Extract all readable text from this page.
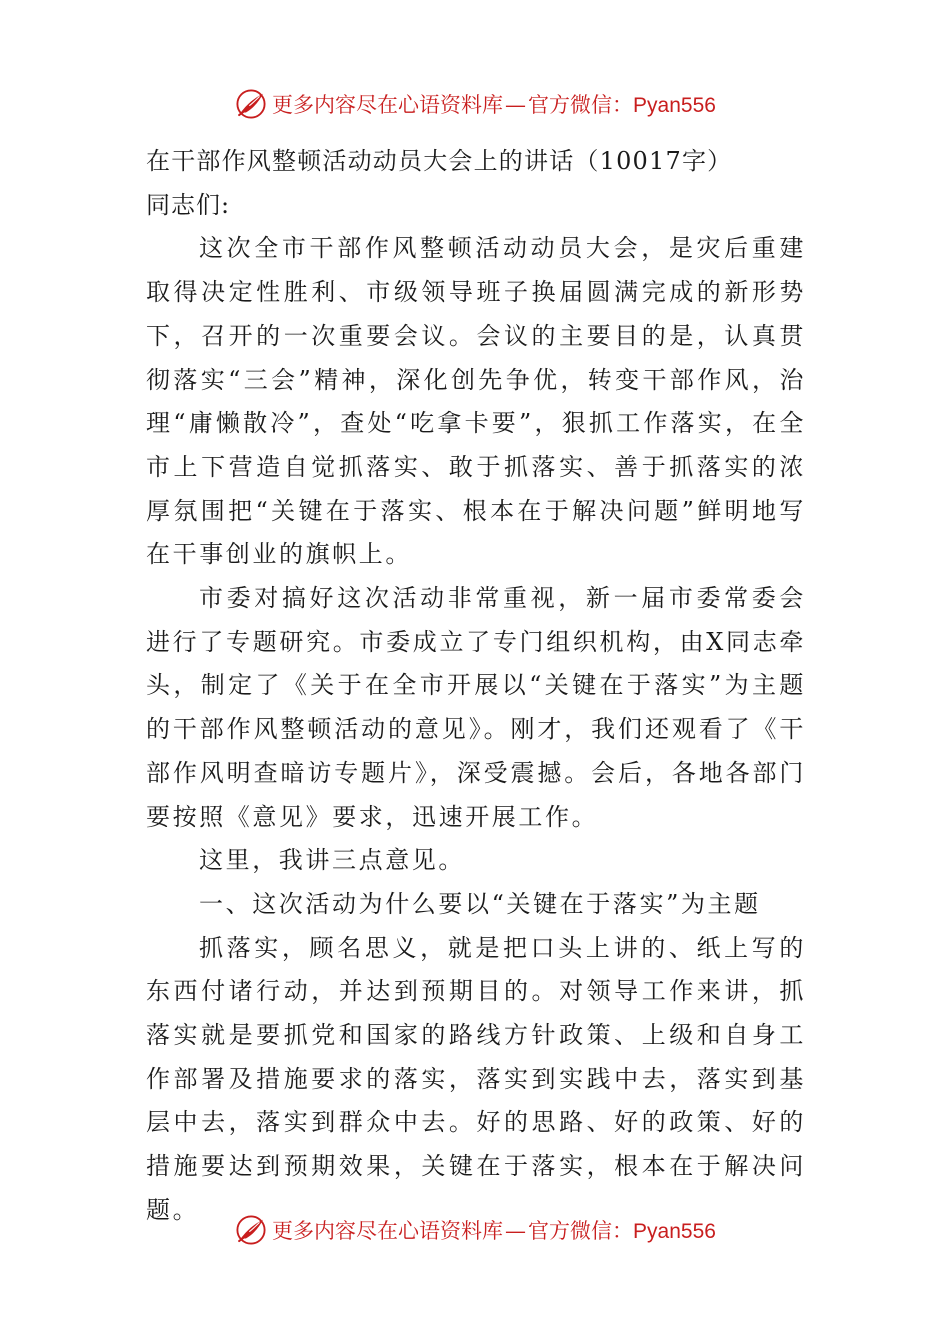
更多内容尽在心语资料库—官方微信：Pyan556

在干部作风整顿活动动员大会上的讲话（10017字）

同志们:

这次全市干部作风整顿活动动员大会，是灾后重建取得决定性胜利、市级领导班子换届圆满完成的新形势下，召开的一次重要会议。会议的主要目的是，认真贯彻落实“三会”精神，深化创先争优，转变干部作风，治理“庸懒散冷”，查处“吃拿卡要”，狠抓工作落实，在全市上下营造自觉抓落实、敢于抓落实、善于抓落实的浓厚氛围把“关键在于落实、根本在于解决问题”鲜明地写在干事创业的旗帜上。

市委对搞好这次活动非常重视，新一届市委常委会进行了专题研究。市委成立了专门组织机构，由X同志牵头，制定了《关于在全市开展以“关键在于落实”为主题的干部作风整顿活动的意见》。刚才，我们还观看了《干部作风明查暗访专题片》，深受震撼。会后，各地各部门要按照《意见》要求，迅速开展工作。

这里，我讲三点意见。

一、这次活动为什么要以“关键在于落实”为主题

抓落实，顾名思义，就是把口头上讲的、纸上写的东西付诸行动，并达到预期目的。对领导工作来讲，抓落实就是要抓党和国家的路线方针政策、上级和自身工作部署及措施要求的落实，落实到实践中去，落实到基层中去，落实到群众中去。好的思路、好的政策、好的措施要达到预期效果，关键在于落实，根本在于解决问题。

更多内容尽在心语资料库—官方微信：Pyan556
